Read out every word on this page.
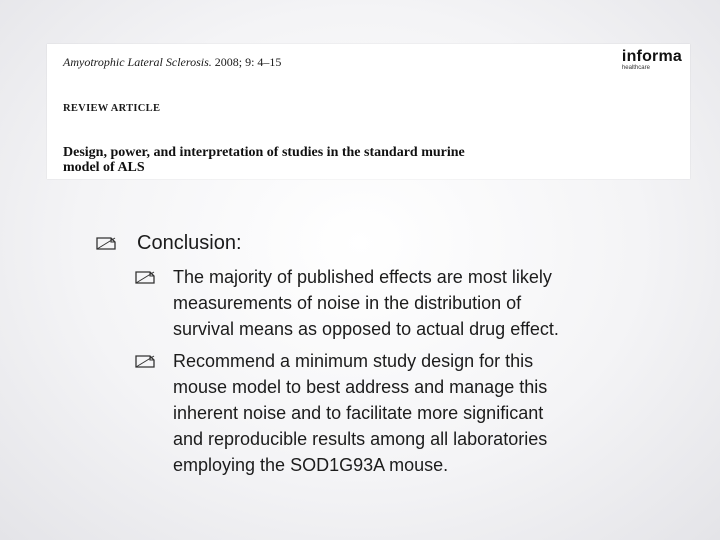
Amyotrophic Lateral Sclerosis. 2008; 9: 4–15	informa
healthcare
REVIEW ARTICLE
Design, power, and interpretation of studies in the standard murine
model of ALS
Conclusion:
The majority of published effects are most likely
measurements of noise in the distribution of
survival means as opposed to actual drug effect.
Recommend a minimum study design for this
mouse model to best address and manage this
inherent noise and to facilitate more significant
and reproducible results among all laboratories
employing the SOD1G93A mouse.
